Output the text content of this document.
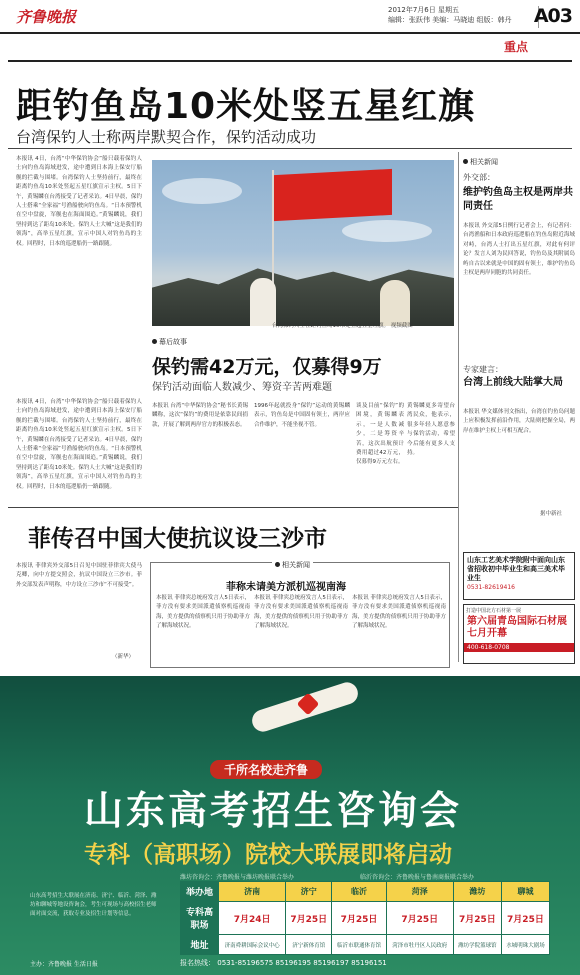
齐鲁晚报	2012年7月6日 星期五
编辑：张跃伟 美编：马晓迪 组版：韩丹 A03
重点
距钓鱼岛10米处竖五星红旗
台湾保钓人士称两岸默契合作，保钓活动成功
本报讯 4日，台湾“中华保钓协会”船只载着保钓人士向钓鱼岛海域进发，途中遭到日本海上保安厅船舰的拦截与围堵。台湾保钓人士坚持前行，最终在距离钓鱼岛10米处竖起五星红旗宣示主权。5日下午，黄锡麟在台湾接受了记者采访。4日早晨，保钓人士搭乘“全家福”号渔船驶向钓鱼岛。“日本预警机在空中盘旋，军舰也在海面围追。”黄锡麟说，我们坚持到达了距岛10米处。保钓人士大喊“这是我们的领海”，高举五星红旗，宣示中国人对钓鱼岛的主权。回程时，日本的巡逻船仍一路跟随。
台湾保钓人士在距钓鱼岛10米处竖起五星红旗。 视频截图
幕后故事
保钓需42万元，仅募得9万
保钓活动面临人数减少、筹资辛苦两难题
本报讯 4日，台湾“中华保钓协会”船只载着保钓人士向钓鱼岛海域进发，途中遭到日本海上保安厅船舰的拦截与围堵。台湾保钓人士坚持前行，最终在距离钓鱼岛10米处竖起五星红旗宣示主权。5日下午，黄锡麟在台湾接受了记者采访。4日早晨，保钓人士搭乘“全家福”号渔船驶向钓鱼岛。“日本预警机在空中盘旋，军舰也在海面围追。”黄锡麟说，我们坚持到达了距岛10米处。保钓人士大喊“这是我们的领海”，高举五星红旗，宣示中国人对钓鱼岛的主权。回程时，日本的巡逻船仍一路跟随。
本报讯 台湾“中华保钓协会”秘书长黄锡麟称，这次“保钓”的费用是依靠民间捐款，开展了解到两岸官方的积极表态。
1996年起就投身“保钓”运动的黄锡麟表示，钓鱼岛是中国固有领土，两岸应合作维护，不能坐视不管。
谈及目前“保钓”的困境，黄锡麟表示，一是人数减少，二是筹资辛苦，这次出航预计费用超过42万元，仅募得9万元左右。
黄锡麟更多寄望台湾民众，他表示，很多年轻人愿意参与保钓活动，希望今后能有更多人支持。
相关新闻
外交部：
维护钓鱼岛主权是两岸共同责任
本报讯 外交部5日例行记者会上，有记者问：台湾渔船和日本政府巡逻船在钓鱼岛附近海域对峙，台湾人士打出五星红旗，对此有何评论？发言人刘为民回答说，钓鱼岛及其附属岛屿自古以来就是中国的固有领土，维护钓鱼岛主权是两岸同胞的共同责任。
专家建言：
台湾上前线大陆掌大局
本报讯 华文媒体刊文指出，台湾在钓鱼岛问题上应积极发挥前沿作用，大陆则把握全局，两岸在维护主权上可相互配合。
据中新社
菲传召中国大使抗议设三沙市
本报讯 菲律宾外交部5日召见中国驻菲律宾大使马克卿，向中方提交照会，抗议中国设立三沙市。菲外交部发表声明称，中方设立三沙市“不可接受”。
相关新闻
菲称未请美方派机巡视南海
本报讯 菲律宾总统府发言人5日表示，菲方没有要求美国派遣侦察机巡视南海，美方提供的侦察机只用于协助菲方了解海域状况。
本报讯 菲律宾总统府发言人5日表示，菲方没有要求美国派遣侦察机巡视南海，美方提供的侦察机只用于协助菲方了解海域状况。
本报讯 菲律宾总统府发言人5日表示，菲方没有要求美国派遣侦察机巡视南海，美方提供的侦察机只用于协助菲方了解海域状况。
（新华）
山东工艺美术学院附中面向山东省招收初中毕业生和高三美术毕业生
0531-82619416
打造中国北方石材第一展
第六届青岛国际石材展七月开幕
400-618-0708
千所名校走齐鲁
山东高考招生咨询会
专科（高职场）院校大联展即将启动
潍坊咨询会：齐鲁晚报与潍坊晚报联合举办	临沂咨询会：齐鲁晚报与鲁南商报联合举办
山东高考招生大联展在济南、济宁、临沂、菏泽、潍坊和聊城等地设咨询会，考生可现场与高校招生老师面对面交流，获取专业及招生计划等信息。
主办：齐鲁晚报 生活日报
举办地	济南	济宁	临沂	菏泽	潍坊	聊城
专科高职场	7月24日	7月25日	7月25日	7月25日	7月25日	7月25日
地址	济南舜耕国际会议中心	济宁新体育馆	临沂市联通体育馆	菏泽市牡丹区人民政府	潍坊学院篮球馆	水城明珠大剧场
报名热线： 0531-85196575 85196195 85196197 85196151
